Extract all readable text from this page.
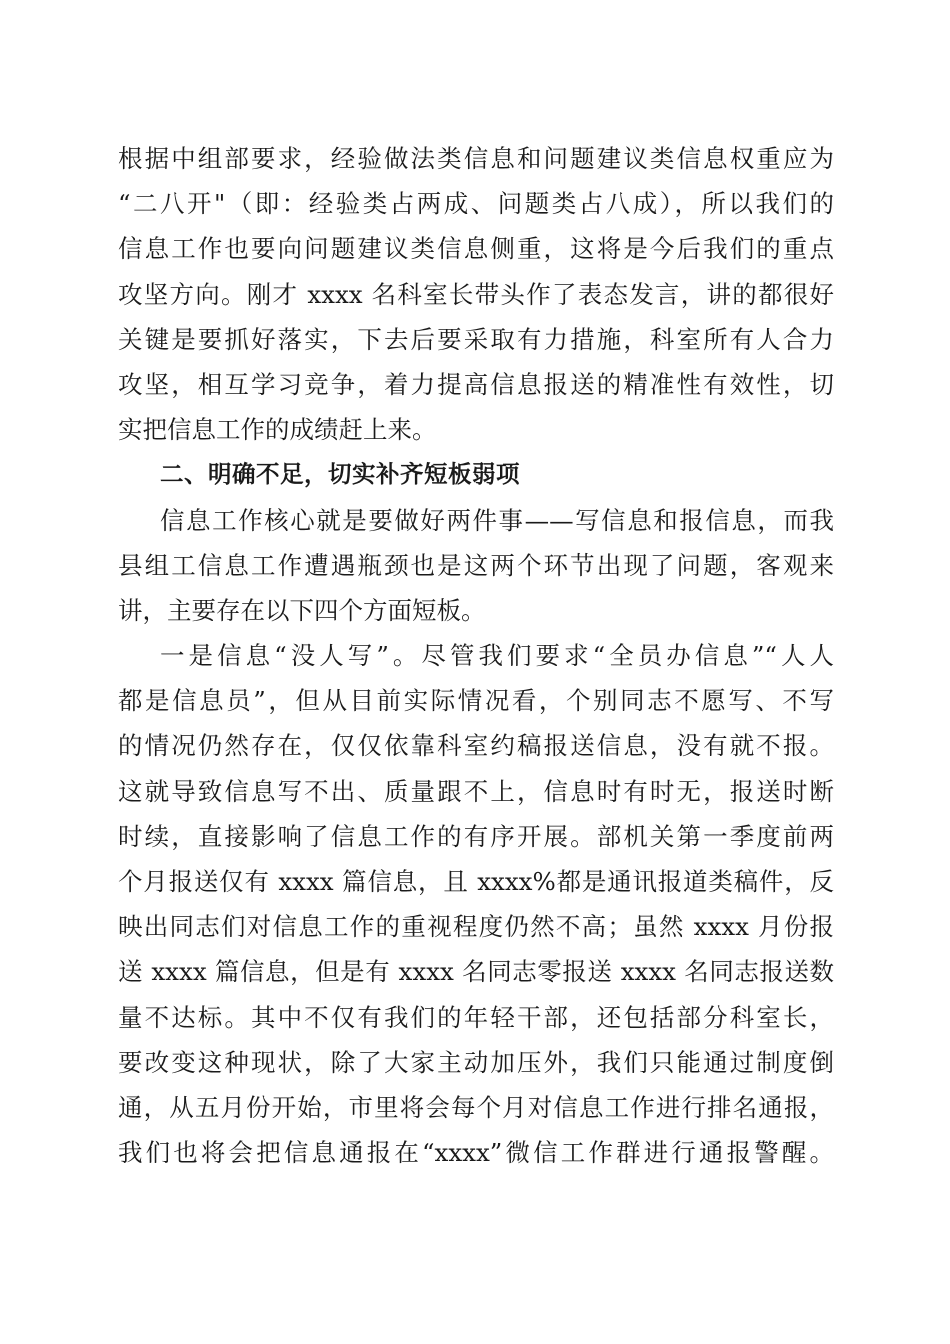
根据中组部要求，经验做法类信息和问题建议类信息权重应为
“二八开"（即：经验类占两成、问题类占八成），所以我们的
信息工作也要向问题建议类信息侧重，这将是今后我们的重点
攻坚方向。刚才 xxxx 名科室长带头作了表态发言，讲的都很好
关键是要抓好落实，下去后要采取有力措施，科室所有人合力
攻坚，相互学习竞争，着力提高信息报送的精准性有效性，切
实把信息工作的成绩赶上来。
二、明确不足，切实补齐短板弱项
信息工作核心就是要做好两件事——写信息和报信息，而我
县组工信息工作遭遇瓶颈也是这两个环节出现了问题，客观来
讲，主要存在以下四个方面短板。
一是信息“没人写”。尽管我们要求“全员办信息”“人人
都是信息员”，但从目前实际情况看，个别同志不愿写、不写
的情况仍然存在，仅仅依靠科室约稿报送信息，没有就不报。
这就导致信息写不出、质量跟不上，信息时有时无，报送时断
时续，直接影响了信息工作的有序开展。部机关第一季度前两
个月报送仅有 xxxx 篇信息，且 xxxx%都是通讯报道类稿件，反
映出同志们对信息工作的重视程度仍然不高；虽然 xxxx 月份报
送 xxxx 篇信息，但是有 xxxx 名同志零报送 xxxx 名同志报送数
量不达标。其中不仅有我们的年轻干部，还包括部分科室长，
要改变这种现状，除了大家主动加压外，我们只能通过制度倒
通，从五月份开始，市里将会每个月对信息工作进行排名通报，
我们也将会把信息通报在“xxxx”微信工作群进行通报警醒。
